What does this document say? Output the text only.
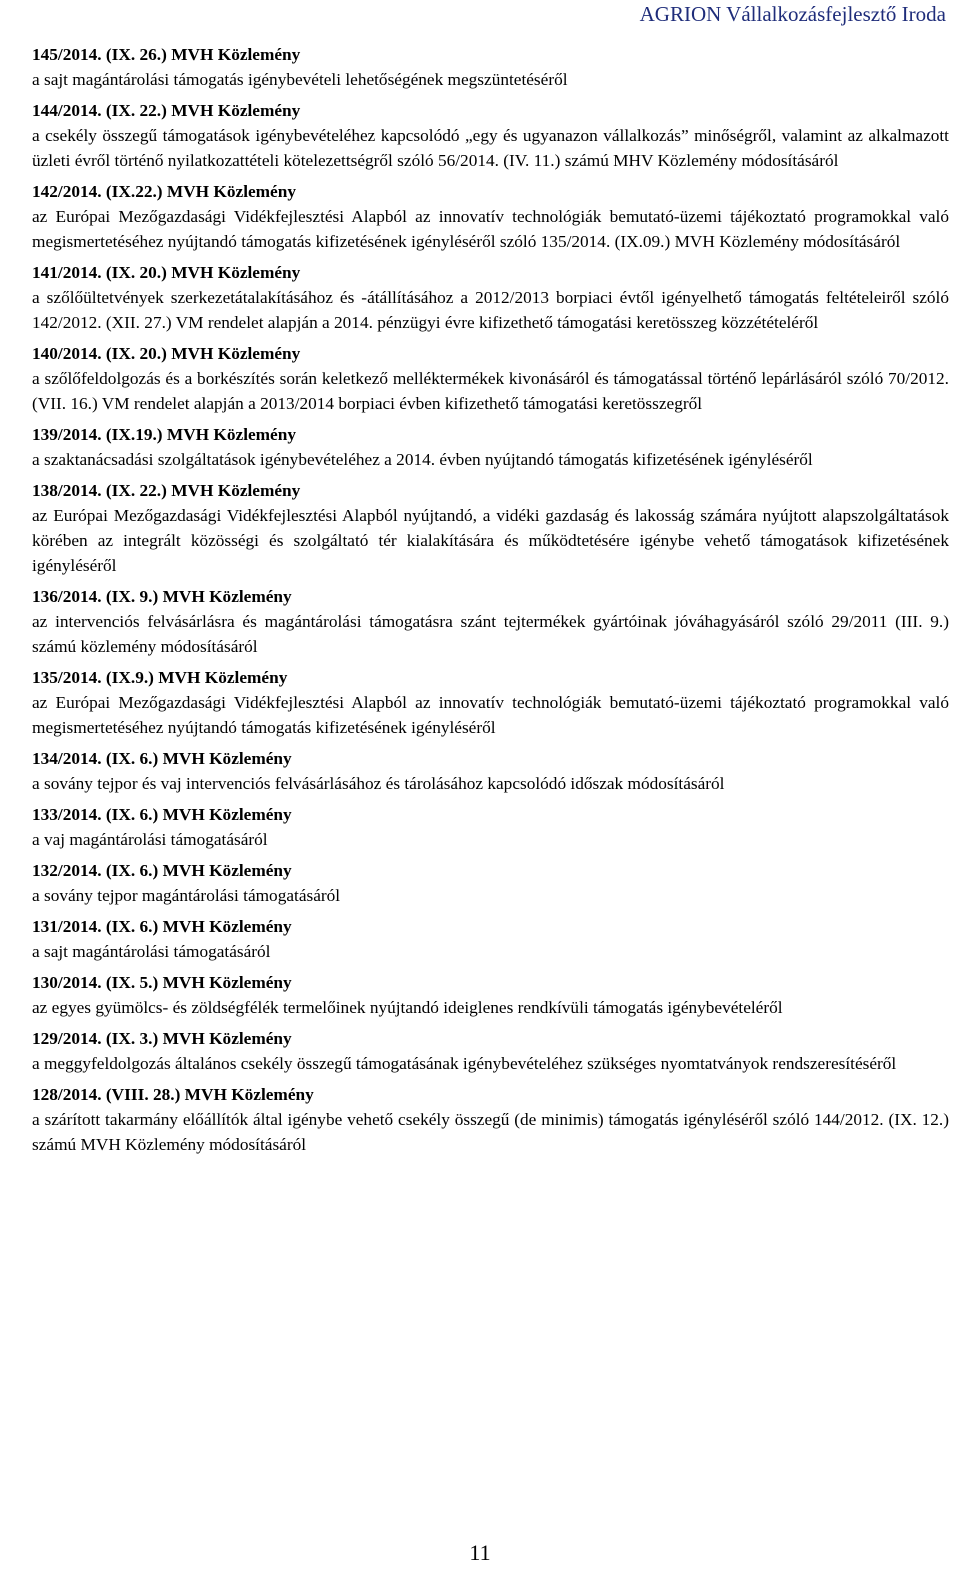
AGRION Vállalkozásfejlesztő Iroda

145/2014. (IX. 26.) MVH Közlemény

a sajt magántárolási támogatás igénybevételi lehetőségének megszüntetéséről

144/2014. (IX. 22.) MVH Közlemény

a csekély összegű támogatások igénybevételéhez kapcsolódó „egy és ugyanazon vállalkozás” minőségről, valamint az alkalmazott üzleti évről történő nyilatkozattételi kötelezettségről szóló 56/2014. (IV. 11.) számú MHV Közlemény módosításáról

142/2014. (IX.22.) MVH Közlemény

az Európai Mezőgazdasági Vidékfejlesztési Alapból az innovatív technológiák bemutató-üzemi tájékoztató programokkal való megismertetéséhez nyújtandó támogatás kifizetésének igényléséről szóló 135/2014. (IX.09.) MVH Közlemény módosításáról

141/2014. (IX. 20.) MVH Közlemény

a szőlőültetvények szerkezetátalakításához és -átállításához a 2012/2013 borpiaci évtől igényelhető támogatás feltételeiről szóló 142/2012. (XII. 27.) VM rendelet alapján a 2014. pénzügyi évre kifizethető támogatási keretösszeg közzétételéről

140/2014. (IX. 20.) MVH Közlemény

a szőlőfeldolgozás és a borkészítés során keletkező melléktermékek kivonásáról és támogatással történő lepárlásáról szóló 70/2012. (VII. 16.) VM rendelet alapján a 2013/2014 borpiaci évben kifizethető támogatási keretösszegről

139/2014. (IX.19.) MVH Közlemény

a szaktanácsadási szolgáltatások igénybevételéhez a 2014. évben nyújtandó támogatás kifizetésének igényléséről

138/2014. (IX. 22.) MVH Közlemény

az Európai Mezőgazdasági Vidékfejlesztési Alapból nyújtandó, a vidéki gazdaság és lakosság számára nyújtott alapszolgáltatások körében az integrált közösségi és szolgáltató tér kialakítására és működtetésére igénybe vehető támogatások kifizetésének igényléséről

136/2014. (IX. 9.) MVH Közlemény

az intervenciós felvásárlásra és magántárolási támogatásra szánt tejtermékek gyártóinak jóváhagyásáról szóló 29/2011 (III. 9.) számú közlemény módosításáról

135/2014. (IX.9.) MVH Közlemény

az Európai Mezőgazdasági Vidékfejlesztési Alapból az innovatív technológiák bemutató-üzemi tájékoztató programokkal való megismertetéséhez nyújtandó támogatás kifizetésének igényléséről

134/2014. (IX. 6.) MVH Közlemény

a sovány tejpor és vaj intervenciós felvásárlásához és tárolásához kapcsolódó időszak módosításáról

133/2014. (IX. 6.) MVH Közlemény

a vaj magántárolási támogatásáról

132/2014. (IX. 6.) MVH Közlemény

a sovány tejpor magántárolási támogatásáról

131/2014. (IX. 6.) MVH Közlemény

a sajt magántárolási támogatásáról

130/2014. (IX. 5.) MVH Közlemény

az egyes gyümölcs- és zöldségfélék termelőinek nyújtandó ideiglenes rendkívüli támogatás igénybevételéről

129/2014. (IX. 3.) MVH Közlemény

a meggyfeldolgozás általános csekély összegű támogatásának igénybevételéhez szükséges nyomtatványok rendszeresítéséről

128/2014. (VIII. 28.) MVH Közlemény

a szárított takarmány előállítók által igénybe vehető csekély összegű (de minimis) támogatás igényléséről szóló 144/2012. (IX. 12.) számú MVH Közlemény módosításáról

11
